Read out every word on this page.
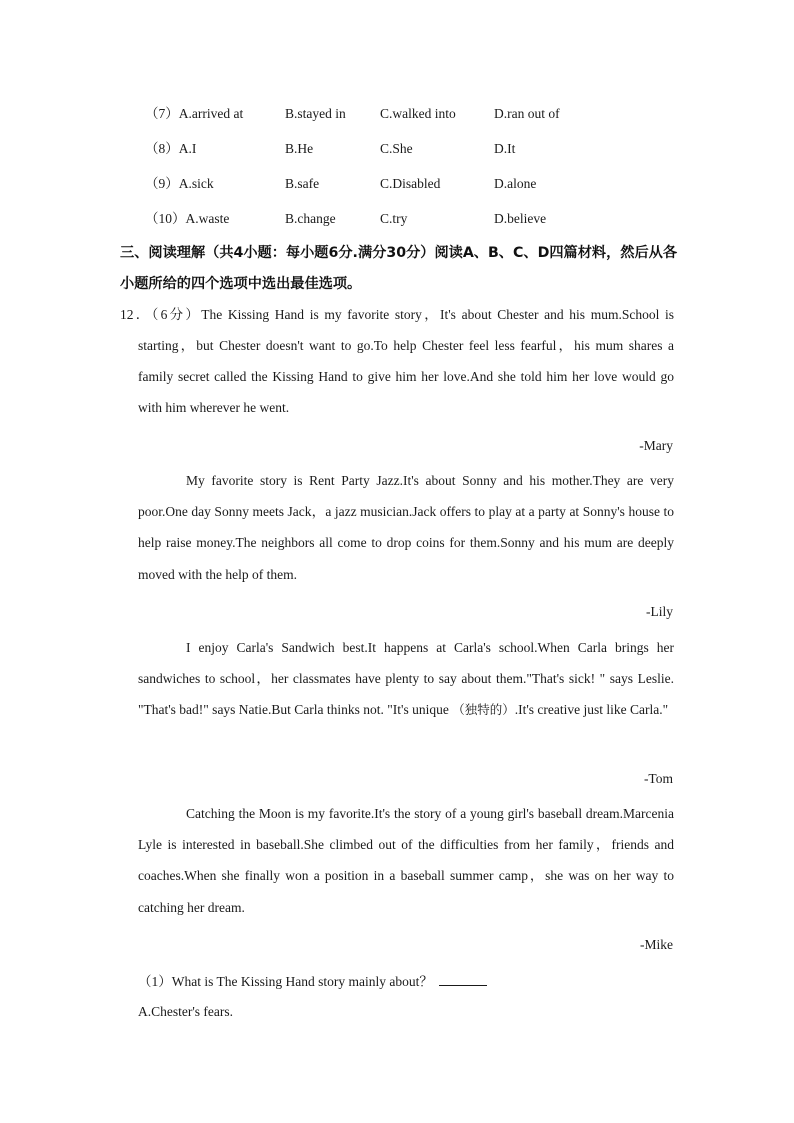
（7）A.arrived at	B.stayed in	C.walked into	D.ran out of
（8）A.I	B.He	C.She	D.It
（9）A.sick	B.safe	C.Disabled	D.alone
（10）A.waste	B.change	C.try	D.believe
三、阅读理解（共4小题：每小题6分.满分30分）阅读A、B、C、D四篇材料，然后从各小题所给的四个选项中选出最佳选项。
12．（6分）The Kissing Hand is my favorite story，It's about Chester and his mum.School is
starting，but Chester doesn't want to go.To help Chester feel less fearful，his mum shares a family secret called the Kissing Hand to give him her love.And she told him her love would go with him wherever he went.
-Mary
My favorite story is Rent Party Jazz.It's about Sonny and his mother.They are very poor.One day Sonny meets Jack，a jazz musician.Jack offers to play at a party at Sonny's house to help raise money.The neighbors all come to drop coins for them.Sonny and his mum are deeply moved with the help of them.
-Lily
I enjoy Carla's Sandwich best.It happens at Carla's school.When Carla brings her sandwiches to school，her classmates have plenty to say about them."That's sick! " says Leslie. "That's bad!" says Natie.But Carla thinks not. "It's unique （独特的）.It's creative just like Carla."
-Tom
Catching the Moon is my favorite.It's the story of a young girl's baseball dream.Marcenia Lyle is interested in baseball.She climbed out of the difficulties from her family，friends and coaches.When she finally won a position in a baseball summer camp，she was on her way to catching her dream.
-Mike
（1）What is The Kissing Hand story mainly about？
A.Chester's fears.
